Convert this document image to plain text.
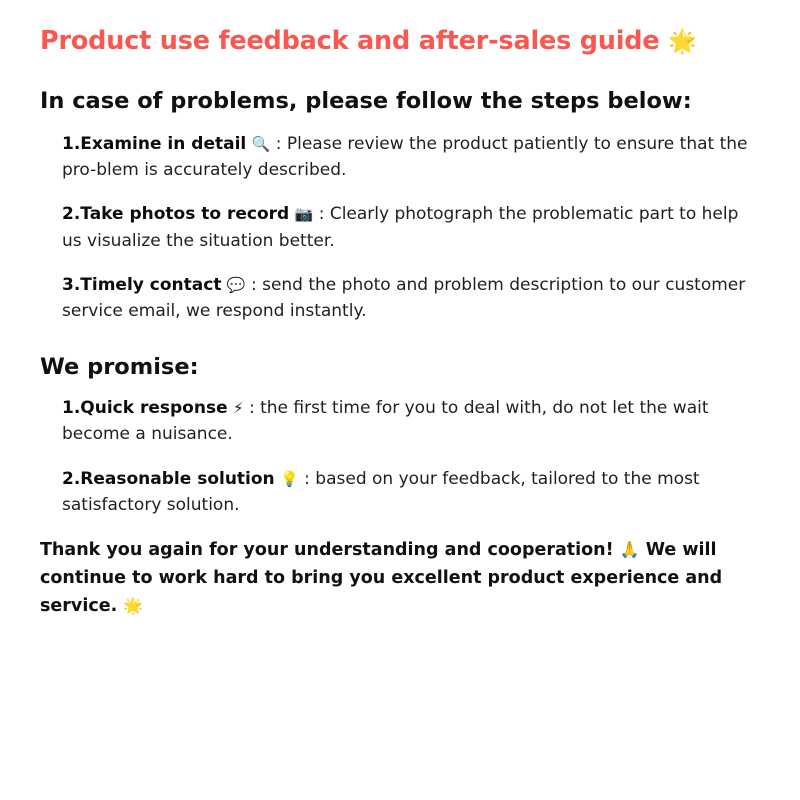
Product use feedback and after-sales guide 🌟
In case of problems, please follow the steps below:

1.Examine in detail 🔍 : Please review the product patiently to ensure that the pro-blem is accurately described.

2.Take photos to record 📷 : Clearly photograph the problematic part to help us visualize the situation better.

3.Timely contact 💬 : send the photo and problem description to our customer service email, we respond instantly.

We promise:

1.Quick response ⚡ : the first time for you to deal with, do not let the wait become a nuisance.

2.Reasonable solution 💡 : based on your feedback, tailored to the most satisfactory solution.

Thank you again for your understanding and cooperation! 🙏 We will continue to work hard to bring you excellent product experience and service. 🌟
